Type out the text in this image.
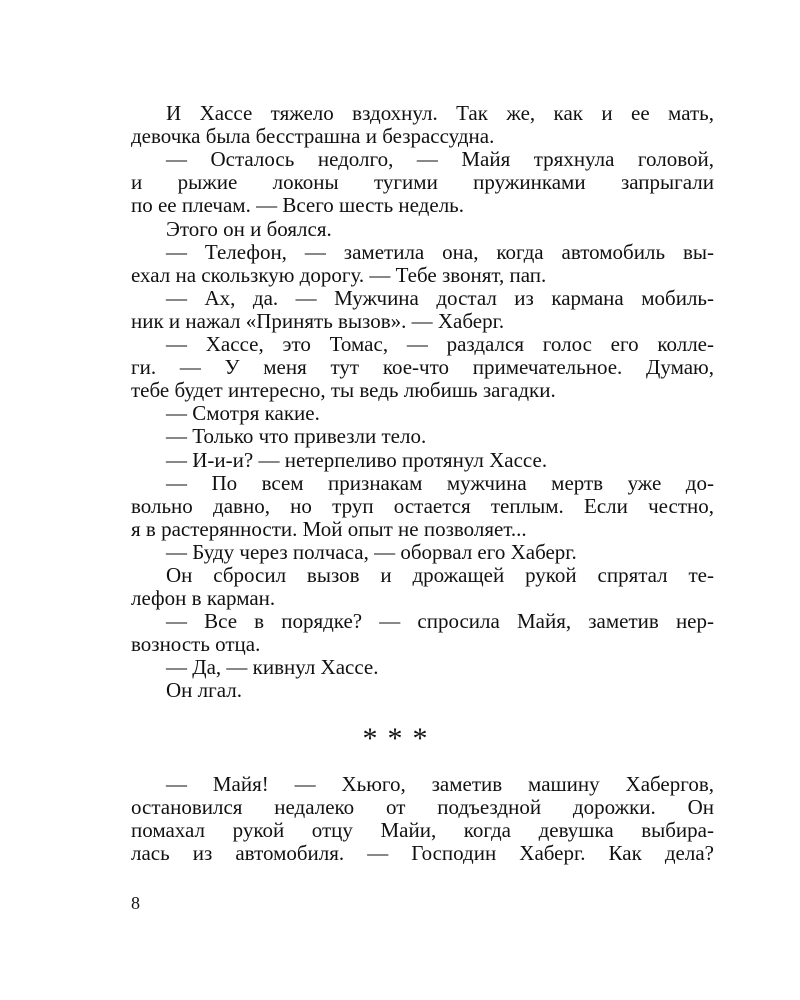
И Хассе тяжело вздохнул. Так же, как и ее мать,
девочка была бесстрашна и безрассудна.
— Осталось недолго, — Майя тряхнула головой,
и рыжие локоны тугими пружинками запрыгали
по ее плечам. — Всего шесть недель.
Этого он и боялся.
— Телефон, — заметила она, когда автомобиль вы-
ехал на скользкую дорогу. — Тебе звонят, пап.
— Ах, да. — Мужчина достал из кармана мобиль-
ник и нажал «Принять вызов». — Хаберг.
— Хассе, это Томас, — раздался голос его колле-
ги. — У меня тут кое-что примечательное. Думаю,
тебе будет интересно, ты ведь любишь загадки.
— Смотря какие.
— Только что привезли тело.
— И-и-и? — нетерпеливо протянул Хассе.
— По всем признакам мужчина мертв уже до-
вольно давно, но труп остается теплым. Если честно,
я в растерянности. Мой опыт не позволяет...
— Буду через полчаса, — оборвал его Хаберг.
Он сбросил вызов и дрожащей рукой спрятал те-
лефон в карман.
— Все в порядке? — спросила Майя, заметив нер-
возность отца.
— Да, — кивнул Хассе.
Он лгал.
***
— Майя! — Хьюго, заметив машину Хабергов,
остановился недалеко от подъездной дорожки. Он
помахал рукой отцу Майи, когда девушка выбира-
лась из автомобиля. — Господин Хаберг. Как дела?
8
